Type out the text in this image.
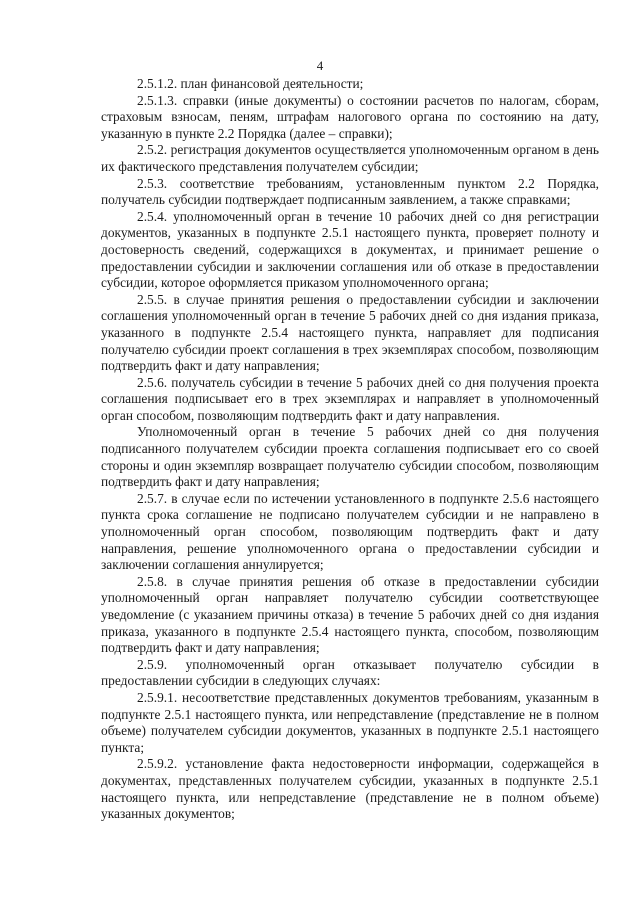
4

2.5.1.2. план финансовой деятельности;

2.5.1.3. справки (иные документы) о состоянии расчетов по налогам, сборам, страховым взносам, пеням, штрафам налогового органа по состоянию на дату, указанную в пункте 2.2 Порядка (далее – справки);

2.5.2. регистрация документов осуществляется уполномоченным органом в день их фактического представления получателем субсидии;

2.5.3. соответствие требованиям, установленным пунктом 2.2 Порядка, получатель субсидии подтверждает подписанным заявлением, а также справками;

2.5.4. уполномоченный орган в течение 10 рабочих дней со дня регистрации документов, указанных в подпункте 2.5.1 настоящего пункта, проверяет полноту и достоверность сведений, содержащихся в документах, и принимает решение о предоставлении субсидии и заключении соглашения или об отказе в предоставлении субсидии, которое оформляется приказом уполномоченного органа;

2.5.5. в случае принятия решения о предоставлении субсидии и заключении соглашения уполномоченный орган в течение 5 рабочих дней со дня издания приказа, указанного в подпункте 2.5.4 настоящего пункта, направляет для подписания получателю субсидии проект соглашения в трех экземплярах способом, позволяющим подтвердить факт и дату направления;

2.5.6. получатель субсидии в течение 5 рабочих дней со дня получения проекта соглашения подписывает его в трех экземплярах и направляет в уполномоченный орган способом, позволяющим подтвердить факт и дату направления.

Уполномоченный орган в течение 5 рабочих дней со дня получения подписанного получателем субсидии проекта соглашения подписывает его со своей стороны и один экземпляр возвращает получателю субсидии способом, позволяющим подтвердить факт и дату направления;

2.5.7. в случае если по истечении установленного в подпункте 2.5.6 настоящего пункта срока соглашение не подписано получателем субсидии и не направлено в уполномоченный орган способом, позволяющим подтвердить факт и дату направления, решение уполномоченного органа о предоставлении субсидии и заключении соглашения аннулируется;

2.5.8. в случае принятия решения об отказе в предоставлении субсидии уполномоченный орган направляет получателю субсидии соответствующее уведомление (с указанием причины отказа) в течение 5 рабочих дней со дня издания приказа, указанного в подпункте 2.5.4 настоящего пункта, способом, позволяющим подтвердить факт и дату направления;

2.5.9. уполномоченный орган отказывает получателю субсидии в предоставлении субсидии в следующих случаях:

2.5.9.1. несоответствие представленных документов требованиям, указанным в подпункте 2.5.1 настоящего пункта, или непредставление (представление не в полном объеме) получателем субсидии документов, указанных в подпункте 2.5.1 настоящего пункта;

2.5.9.2. установление факта недостоверности информации, содержащейся в документах, представленных получателем субсидии, указанных в подпункте 2.5.1 настоящего пункта, или непредставление (представление не в полном объеме) указанных документов;
